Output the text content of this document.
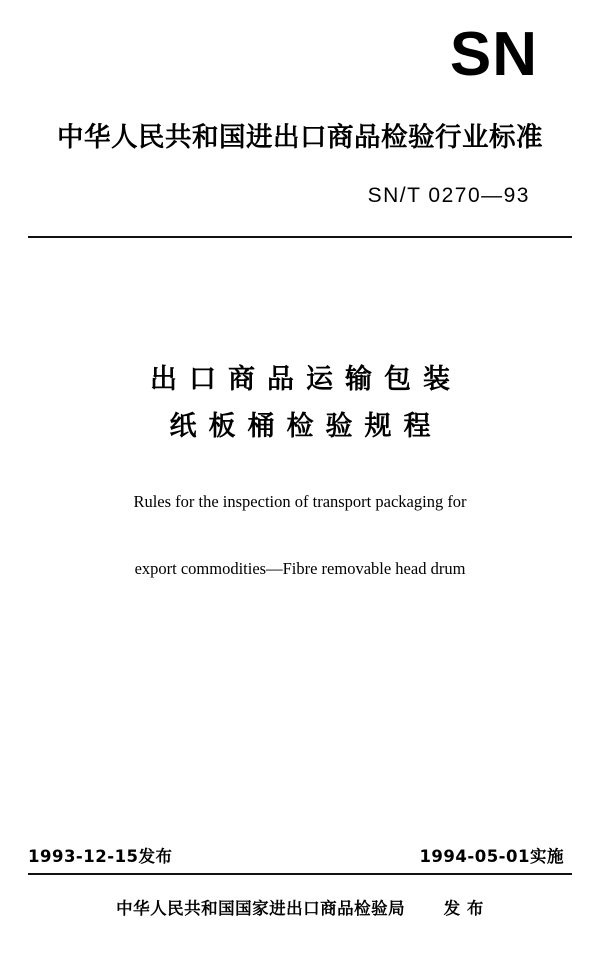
SN
中华人民共和国进出口商品检验行业标准
SN/T 0270—93
出口商品运输包装
纸板桶检验规程
Rules for the inspection of transport packaging for
export commodities—Fibre removable head drum
1993-12-15发布	1994-05-01实施
中华人民共和国国家进出口商品检验局 发 布
